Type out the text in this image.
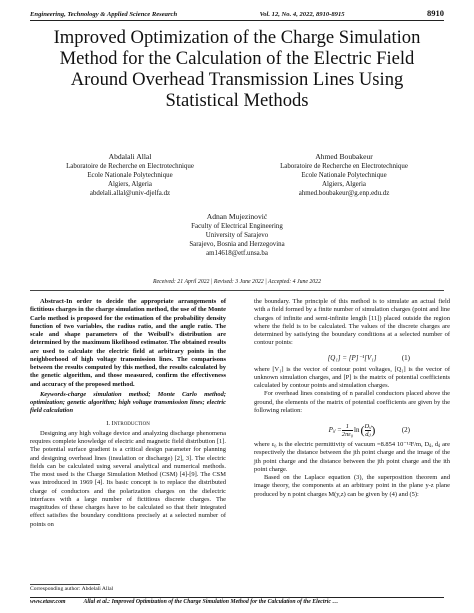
Engineering, Technology & Applied Science Research	Vol. 12, No. 4, 2022, 8910-8915	8910
Improved Optimization of the Charge Simulation
Method for the Calculation of the Electric Field
Around Overhead Transmission Lines Using
Statistical Methods
Abdalali Allal
Laboratoire de Recherche en Electrotechnique
Ecole Nationale Polytechnique
Algiers, Algeria
abdelali.allal@univ-djelfa.dz
Ahmed Boubakeur
Laboratoire de Recherche en Electrotechnique
Ecole Nationale Polytechnique
Algiers, Algeria
ahmed.boubakeur@g.enp.edu.dz
Adnan Mujezinović
Faculty of Electrical Engineering
University of Sarajevo
Sarajevo, Bosnia and Herzegovina
am14618@etf.unsa.ba
Received: 21 April 2022 | Revised: 3 June 2022 | Accepted: 4 June 2022

Abstract-In order to decide the appropriate arrangements of fictitious charges in the charge simulation method, the use of the Monte Carlo method is proposed for the estimation of the probability density function of two variables, the radius ratio, and the angle ratio. The scale and shape parameters of the Weibull's distribution are determined by the maximum likelihood estimator. The obtained results are used to calculate the electric field at arbitrary points in the neighborhood of high voltage transmission lines. The comparisons between the results computed by this method, the results calculated by the genetic algorithm, and those measured, confirm the effectiveness and accuracy of the proposed method.

Keywords-charge simulation method; Monte Carlo method; optimization; genetic algorithm; high voltage transmission lines; electric field calculation

I. Introduction

Designing any high voltage device and analyzing discharge phenomena requires complete knowledge of electric and magnetic field distribution [1]. The potential surface gradient is a critical design parameter for planning and designing overhead lines (insulation or discharge) [2], 3]. The electric fields can be calculated using several analytical and numerical methods. The most used is the Charge Simulation Method (CSM) [4]-[9]. The CSM was introduced in 1969 [4]. Its basic concept is to replace the distributed charge of conductors and the polarization charges on the dielectric interfaces with a large number of fictitious discrete charges. The magnitudes of these charges have to be calculated so that their integrated effect satisfies the boundary conditions precisely at a selected number of points on

the boundary. The principle of this method is to simulate an actual field with a field formed by a finite number of simulation charges (point and line charges of infinite and semi-infinite length [11]) placed outside the region where the field is to be calculated. The values of the discrete charges are determined by satisfying the boundary conditions at a selected number of contour points:

[Q₁] = [P]⁻¹[V₁]	(1)

where [V₁] is the vector of contour point voltages, [Q₁] is the vector of unknown simulation charges, and [P] is the matrix of potential coefficients calculated by contour points and simulation charges.

For overhead lines consisting of n parallel conductors placed above the ground, the elements of the matrix of potential coefficients are given by the following relation:

Pᵢⱼ = $\frac{1}{\text{2πε₀}}$ ln ( $\frac{\text{Dᵢⱼ}}{\text{dᵢⱼ}}$ )	(2)

where ε₀ is the electric permittivity of vacuum =8.854 10⁻¹²F/m, Dᵢⱼ, dᵢⱼ are respectively the distance between the jth point charge and the image of the jth point charge and the distance between the jth point charge and the ith point charge.

Based on the Laplace equation (3), the superposition theorem and image theory, the components at an arbitrary point in the plane y-z plane produced by n point charges M(y,z) can be given by (4) and (5):

Corresponding author: Abdelali Allal
www.etasr.com	Allal et al.: Improved Optimization of the Charge Simulation Method for the Calculation of the Electric …
